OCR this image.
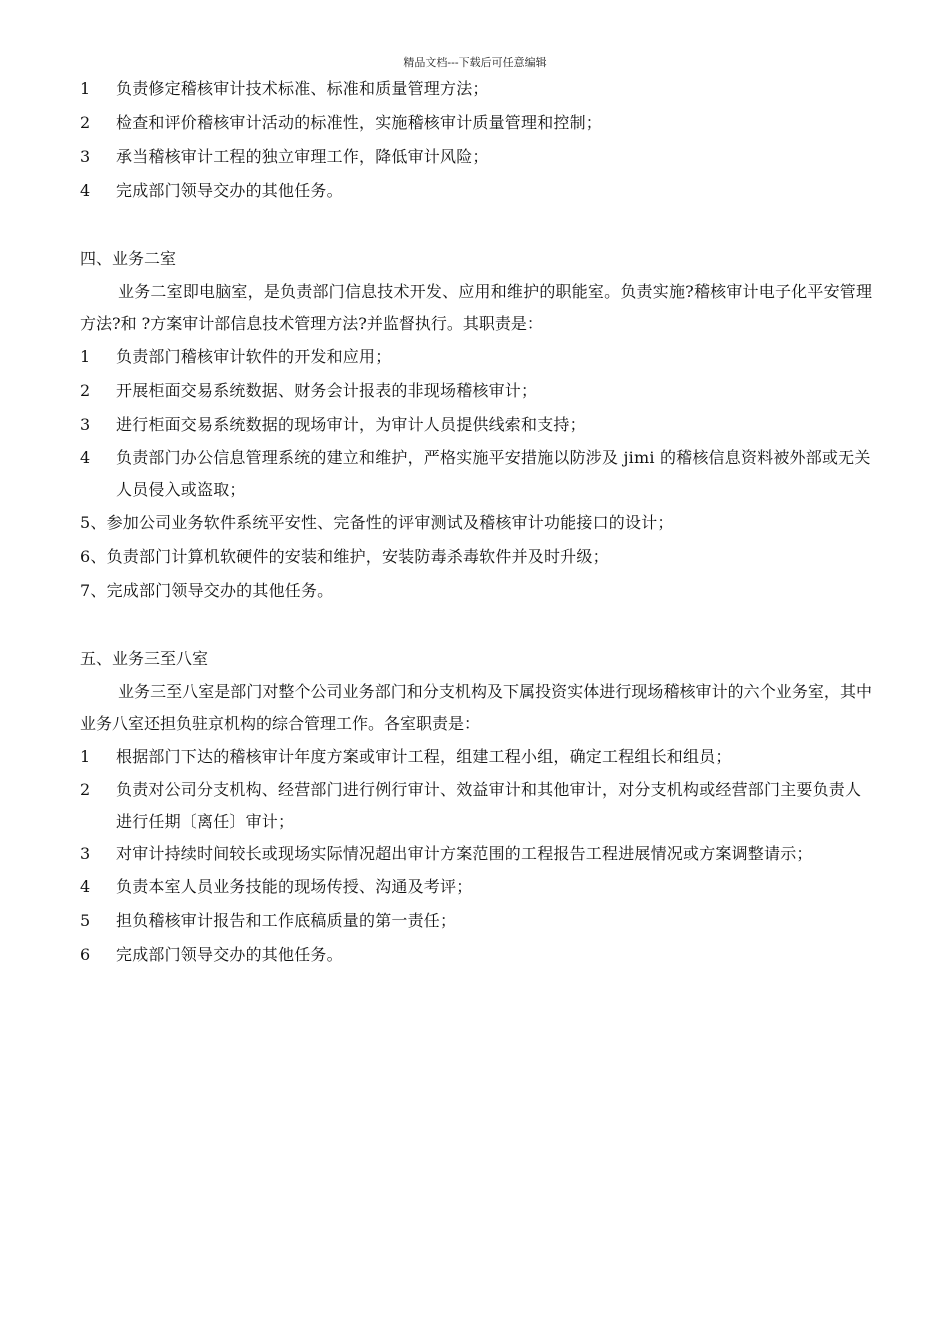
精品文档---下载后可任意编辑
1	负责修定稽核审计技术标准、标准和质量管理方法；
2	检查和评价稽核审计活动的标准性，实施稽核审计质量管理和控制；
3	承当稽核审计工程的独立审理工作，降低审计风险；
4	完成部门领导交办的其他任务。
四、业务二室
业务二室即电脑室，是负责部门信息技术开发、应用和维护的职能室。负责实施?稽核审计电子化平安管理方法?和 ?方案审计部信息技术管理方法?并监督执行。其职责是：
1	负责部门稽核审计软件的开发和应用；
2	开展柜面交易系统数据、财务会计报表的非现场稽核审计；
3	进行柜面交易系统数据的现场审计，为审计人员提供线索和支持；
4	负责部门办公信息管理系统的建立和维护，严格实施平安措施以防涉及 jimi 的稽核信息资料被外部或无关人员侵入或盗取；
5、参加公司业务软件系统平安性、完备性的评审测试及稽核审计功能接口的设计；
6、负责部门计算机软硬件的安装和维护，安装防毒杀毒软件并及时升级；
7、完成部门领导交办的其他任务。
五、业务三至八室
业务三至八室是部门对整个公司业务部门和分支机构及下属投资实体进行现场稽核审计的六个业务室，其中业务八室还担负驻京机构的综合管理工作。各室职责是：
1	根据部门下达的稽核审计年度方案或审计工程，组建工程小组，确定工程组长和组员；
2	负责对公司分支机构、经营部门进行例行审计、效益审计和其他审计，对分支机构或经营部门主要负责人进行任期〔离任〕审计；
3	对审计持续时间较长或现场实际情况超出审计方案范围的工程报告工程进展情况或方案调整请示；
4	负责本室人员业务技能的现场传授、沟通及考评；
5	担负稽核审计报告和工作底稿质量的第一责任；
6	完成部门领导交办的其他任务。
